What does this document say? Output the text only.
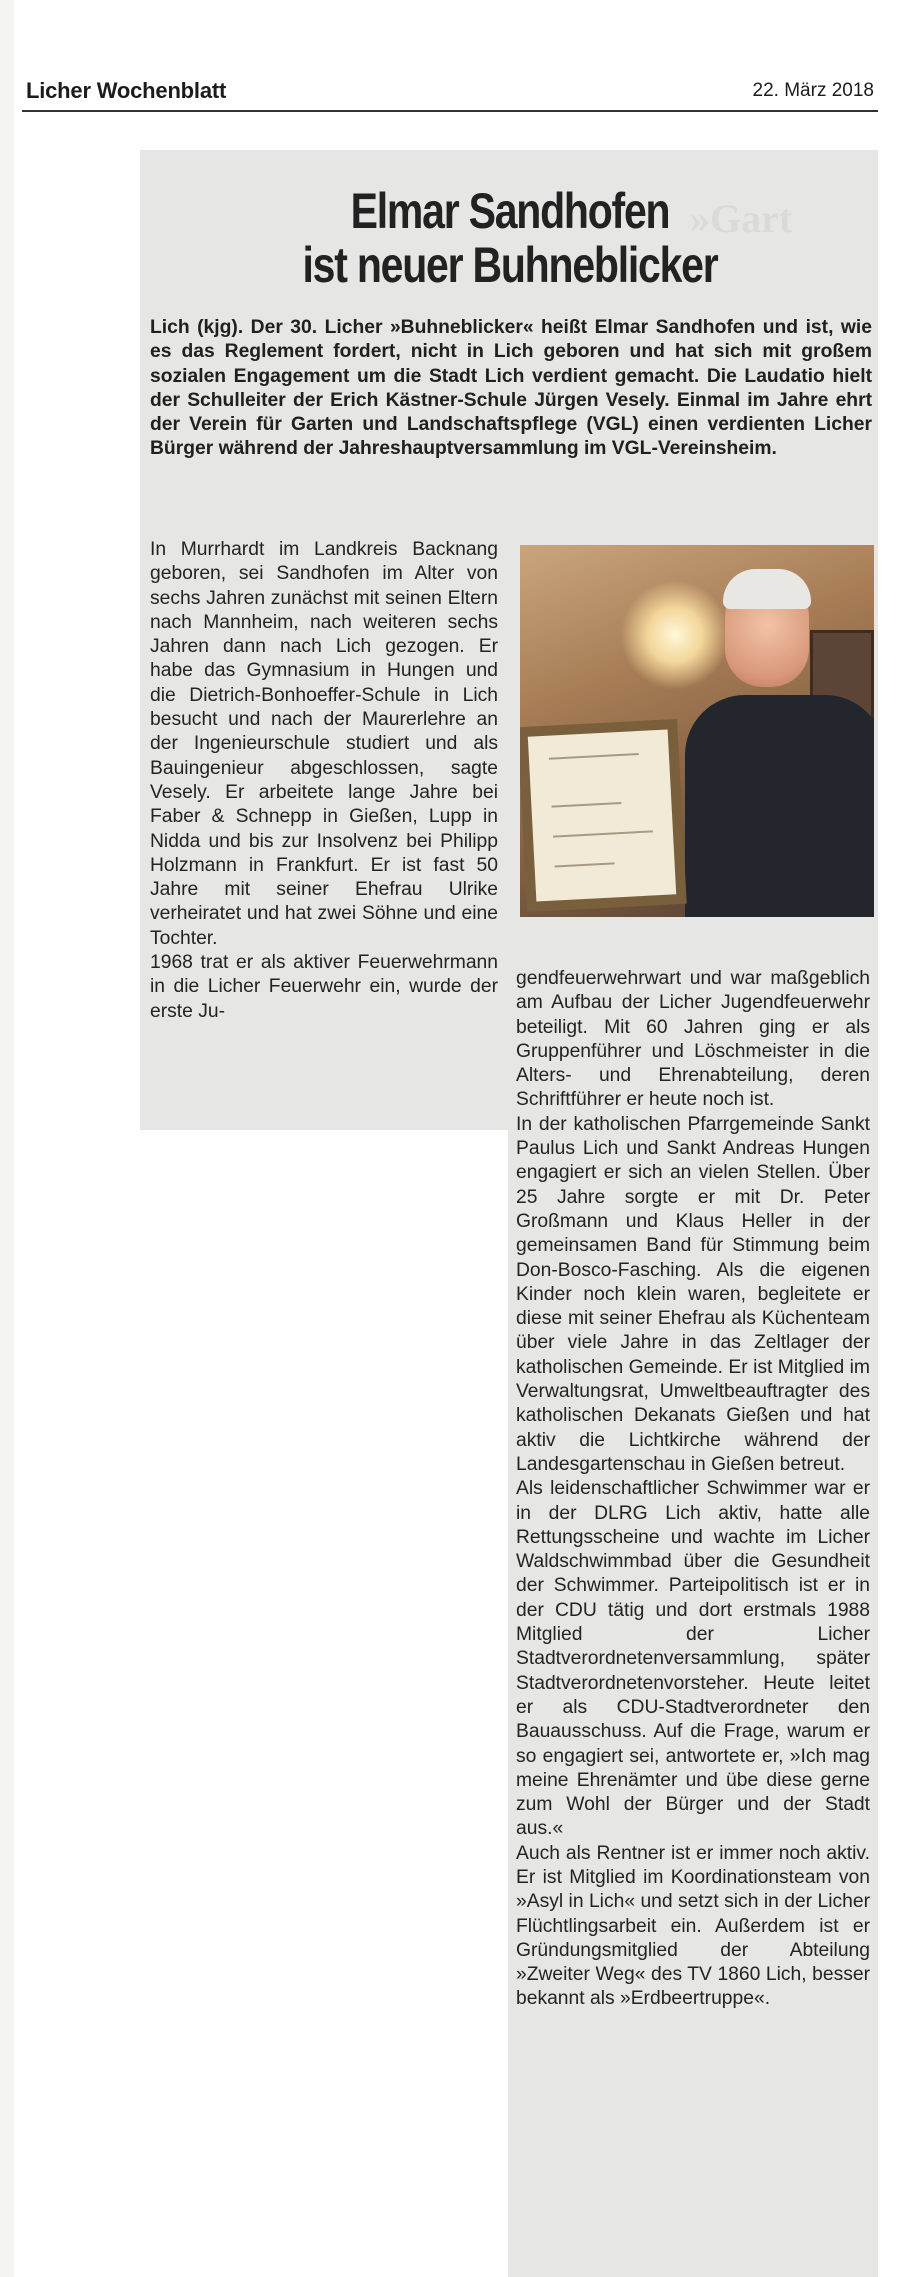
Licher Wochenblatt	22. März 2018
»Gart
Elmar Sandhofen
ist neuer Buhneblicker
Lich (kjg). Der 30. Licher »Buhneblicker« heißt Elmar Sandhofen und ist, wie es das Reglement fordert, nicht in Lich geboren und hat sich mit großem sozialen Engagement um die Stadt Lich verdient gemacht. Die Laudatio hielt der Schulleiter der Erich Kästner-Schule Jürgen Vesely. Einmal im Jahre ehrt der Verein für Garten und Landschaftspflege (VGL) einen verdienten Licher Bürger während der Jahreshauptversammlung im VGL-Vereinsheim.

In Murrhardt im Landkreis Backnang geboren, sei Sandhofen im Alter von sechs Jahren zunächst mit seinen Eltern nach Mannheim, nach weiteren sechs Jahren dann nach Lich gezogen. Er habe das Gymnasium in Hungen und die Dietrich-Bonhoeffer-Schule in Lich besucht und nach der Maurerlehre an der Ingenieurschule studiert und als Bauingenieur abgeschlossen, sagte Vesely. Er arbeitete lange Jahre bei Faber & Schnepp in Gießen, Lupp in Nidda und bis zur Insolvenz bei Philipp Holzmann in Frankfurt. Er ist fast 50 Jahre mit seiner Ehefrau Ulrike verheiratet und hat zwei Söhne und eine Tochter.

1968 trat er als aktiver Feuerwehrmann in die Licher Feuerwehr ein, wurde der erste Ju-

gendfeuerwehrwart und war maßgeblich am Aufbau der Licher Jugendfeuerwehr beteiligt. Mit 60 Jahren ging er als Gruppenführer und Löschmeister in die Alters- und Ehrenabteilung, deren Schriftführer er heute noch ist.

In der katholischen Pfarrgemeinde Sankt Paulus Lich und Sankt Andreas Hungen engagiert er sich an vielen Stellen. Über 25 Jahre sorgte er mit Dr. Peter Großmann und Klaus Heller in der gemeinsamen Band für Stimmung beim Don-Bosco-Fasching. Als die eigenen Kinder noch klein waren, begleitete er diese mit seiner Ehefrau als Küchenteam über viele Jahre in das Zeltlager der katholischen Gemeinde. Er ist Mitglied im Verwaltungsrat, Umweltbeauftragter des katholischen Dekanats Gießen und hat aktiv die Lichtkirche während der Landesgartenschau in Gießen betreut.

Als leidenschaftlicher Schwimmer war er in der DLRG Lich aktiv, hatte alle Rettungsscheine und wachte im Licher Waldschwimmbad über die Gesundheit der Schwimmer. Parteipolitisch ist er in der CDU tätig und dort erstmals 1988 Mitglied der Licher Stadtverordnetenversammlung, später Stadtverordnetenvorsteher. Heute leitet er als CDU-Stadtverordneter den Bauausschuss. Auf die Frage, warum er so engagiert sei, antwortete er, »Ich mag meine Ehrenämter und übe diese gerne zum Wohl der Bürger und der Stadt aus.«

Auch als Rentner ist er immer noch aktiv. Er ist Mitglied im Koordinationsteam von »Asyl in Lich« und setzt sich in der Licher Flüchtlingsarbeit ein. Außerdem ist er Gründungsmitglied der Abteilung »Zweiter Weg« des TV 1860 Lich, besser bekannt als »Erdbeertruppe«.
